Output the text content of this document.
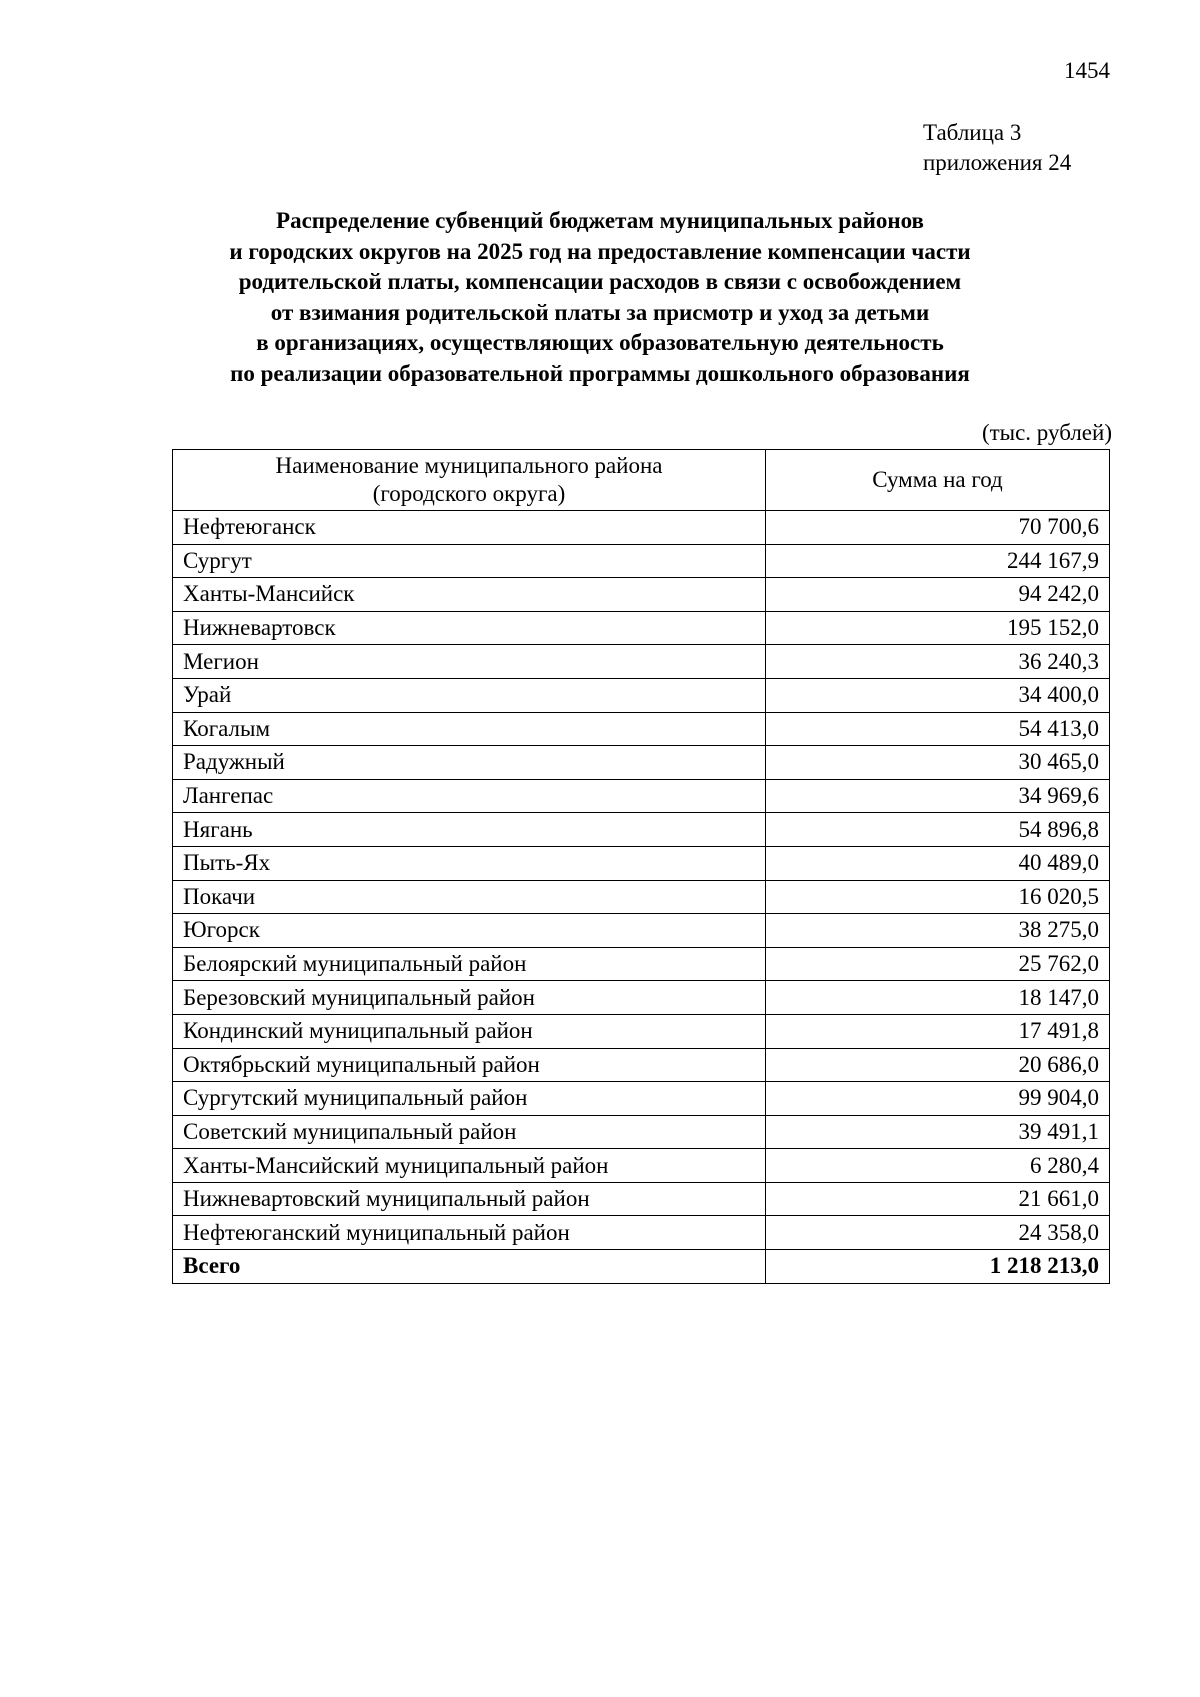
1454
Таблица 3
приложения 24
Распределение субвенций бюджетам муниципальных районов
и городских округов на 2025 год на предоставление компенсации части
родительской платы, компенсации расходов в связи с освобождением
от взимания родительской платы за присмотр и уход за детьми
в организациях, осуществляющих образовательную деятельность
по реализации образовательной программы дошкольного образования
(тыс. рублей)
Наименование муниципального района
(городского округа)	Сумма на год
Нефтеюганск	70 700,6
Сургут	244 167,9
Ханты-Мансийск	94 242,0
Нижневартовск	195 152,0
Мегион	36 240,3
Урай	34 400,0
Когалым	54 413,0
Радужный	30 465,0
Лангепас	34 969,6
Нягань	54 896,8
Пыть-Ях	40 489,0
Покачи	16 020,5
Югорск	38 275,0
Белоярский муниципальный район	25 762,0
Березовский муниципальный район	18 147,0
Кондинский муниципальный район	17 491,8
Октябрьский муниципальный район	20 686,0
Сургутский муниципальный район	99 904,0
Советский муниципальный район	39 491,1
Ханты-Мансийский муниципальный район	6 280,4
Нижневартовский муниципальный район	21 661,0
Нефтеюганский муниципальный район	24 358,0
Всего	1 218 213,0
